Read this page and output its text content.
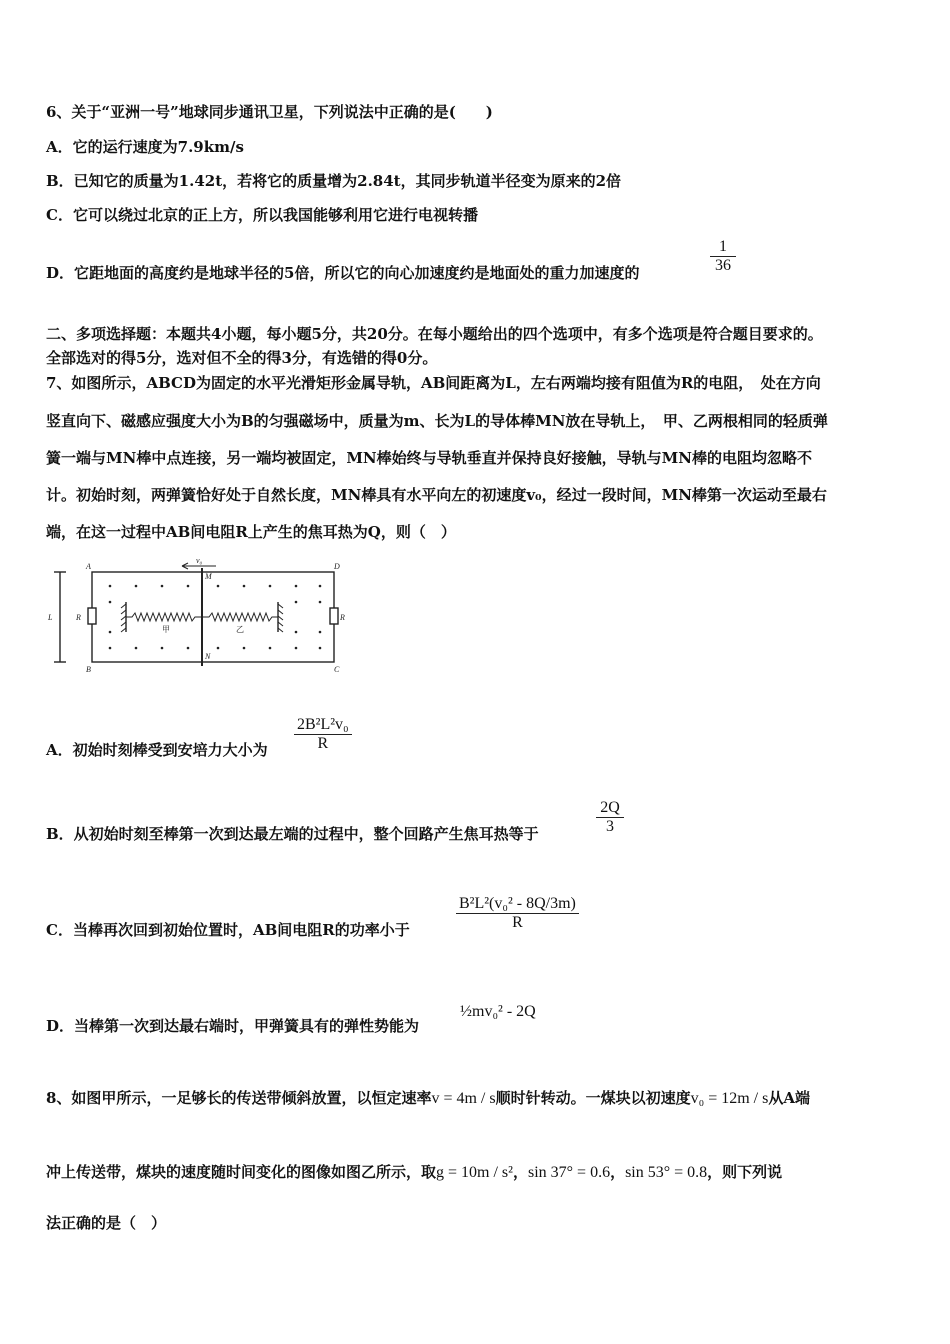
6、关于“亚洲一号”地球同步通讯卫星，下列说法中正确的是(　　)
A．它的运行速度为7.9km/s
B．已知它的质量为1.42t，若将它的质量增为2.84t，其同步轨道半径变为原来的2倍
C．它可以绕过北京的正上方，所以我国能够利用它进行电视转播
D．它距地面的高度约是地球半径的5倍，所以它的向心加速度约是地面处的重力加速度的	$\frac{1}{36}$
二、多项选择题：本题共4小题，每小题5分，共20分。在每小题给出的四个选项中，有多个选项是符合题目要求的。
全部选对的得5分，选对但不全的得3分，有选错的得0分。
7、如图所示，ABCD为固定的水平光滑矩形金属导轨，AB间距离为L，左右两端均接有阻值为R的电阻，　处在方向
竖直向下、磁感应强度大小为B的匀强磁场中，质量为m、长为L的导体棒MN放在导轨上，　甲、乙两根相同的轻质弹
簧一端与MN棒中点连接，另一端均被固定，MN棒始终与导轨垂直并保持良好接触，导轨与MN棒的电阻均忽略不
计。初始时刻，两弹簧恰好处于自然长度，MN棒具有水平向左的初速度v₀，经过一段时间，MN棒第一次运动至最右
端，在这一过程中AB间电阻R上产生的焦耳热为Q，则（　）
A
B	C
D
M
N
L	R	R
甲	乙
v₀
A．初始时刻棒受到安培力大小为 $\frac{\text{2B²L²v₀}}{R}$
B．从初始时刻至棒第一次到达最左端的过程中，整个回路产生焦耳热等于	$\frac{2Q}{3}$
C．当棒再次回到初始位置时，AB间电阻R的功率小于	$\frac{\text{B²L²(v₀² - 8Q/3m)}}{R}$
D．当棒第一次到达最右端时，甲弹簧具有的弹性势能为
½mv₀² - 2Q
8、如图甲所示，一足够长的传送带倾斜放置，以恒定速率v = 4m / s顺时针转动。一煤块以初速度v₀ = 12m / s从A端
冲上传送带，煤块的速度随时间变化的图像如图乙所示，取g = 10m / s²，sin 37° = 0.6，sin 53° = 0.8，则下列说
法正确的是（　）
